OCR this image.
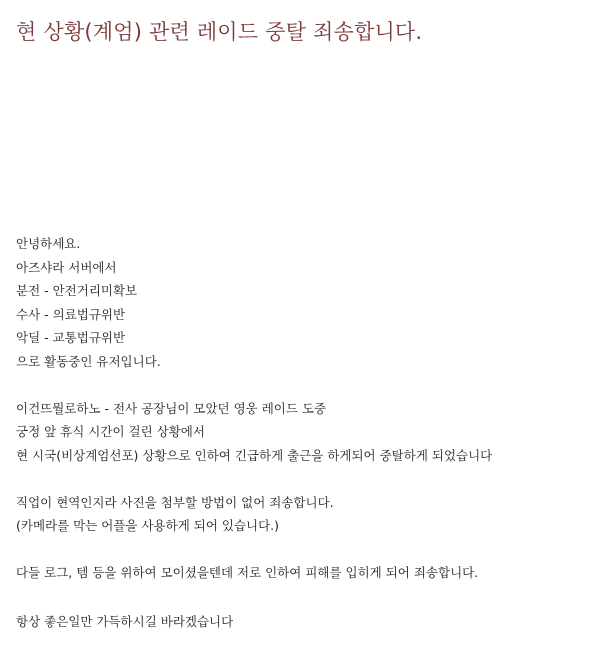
현 상황(계엄) 관련 레이드 중탈 죄송합니다.
안녕하세요.
아즈샤라 서버에서
분전 - 안전거리미확보
수사 - 의료법규위반
악딜 - 교통법규위반
으로 활동중인 유저입니다.
이건뜨뭘로하노 - 전사 공장님이 모았던 영웅 레이드 도중
궁정 앞 휴식 시간이 걸린 상황에서
현 시국(비상계엄선포) 상황으로 인하여 긴급하게 출근을 하게되어 중탈하게 되었습니다
직업이 현역인지라 사진을 첨부할 방법이 없어 죄송합니다.
(카메라를 막는 어플을 사용하게 되어 있습니다.)
다들 로그, 템 등을 위하여 모이셨을텐데 저로 인하여 피해를 입히게 되어 죄송합니다.
항상 좋은일만 가득하시길 바라겠습니다
